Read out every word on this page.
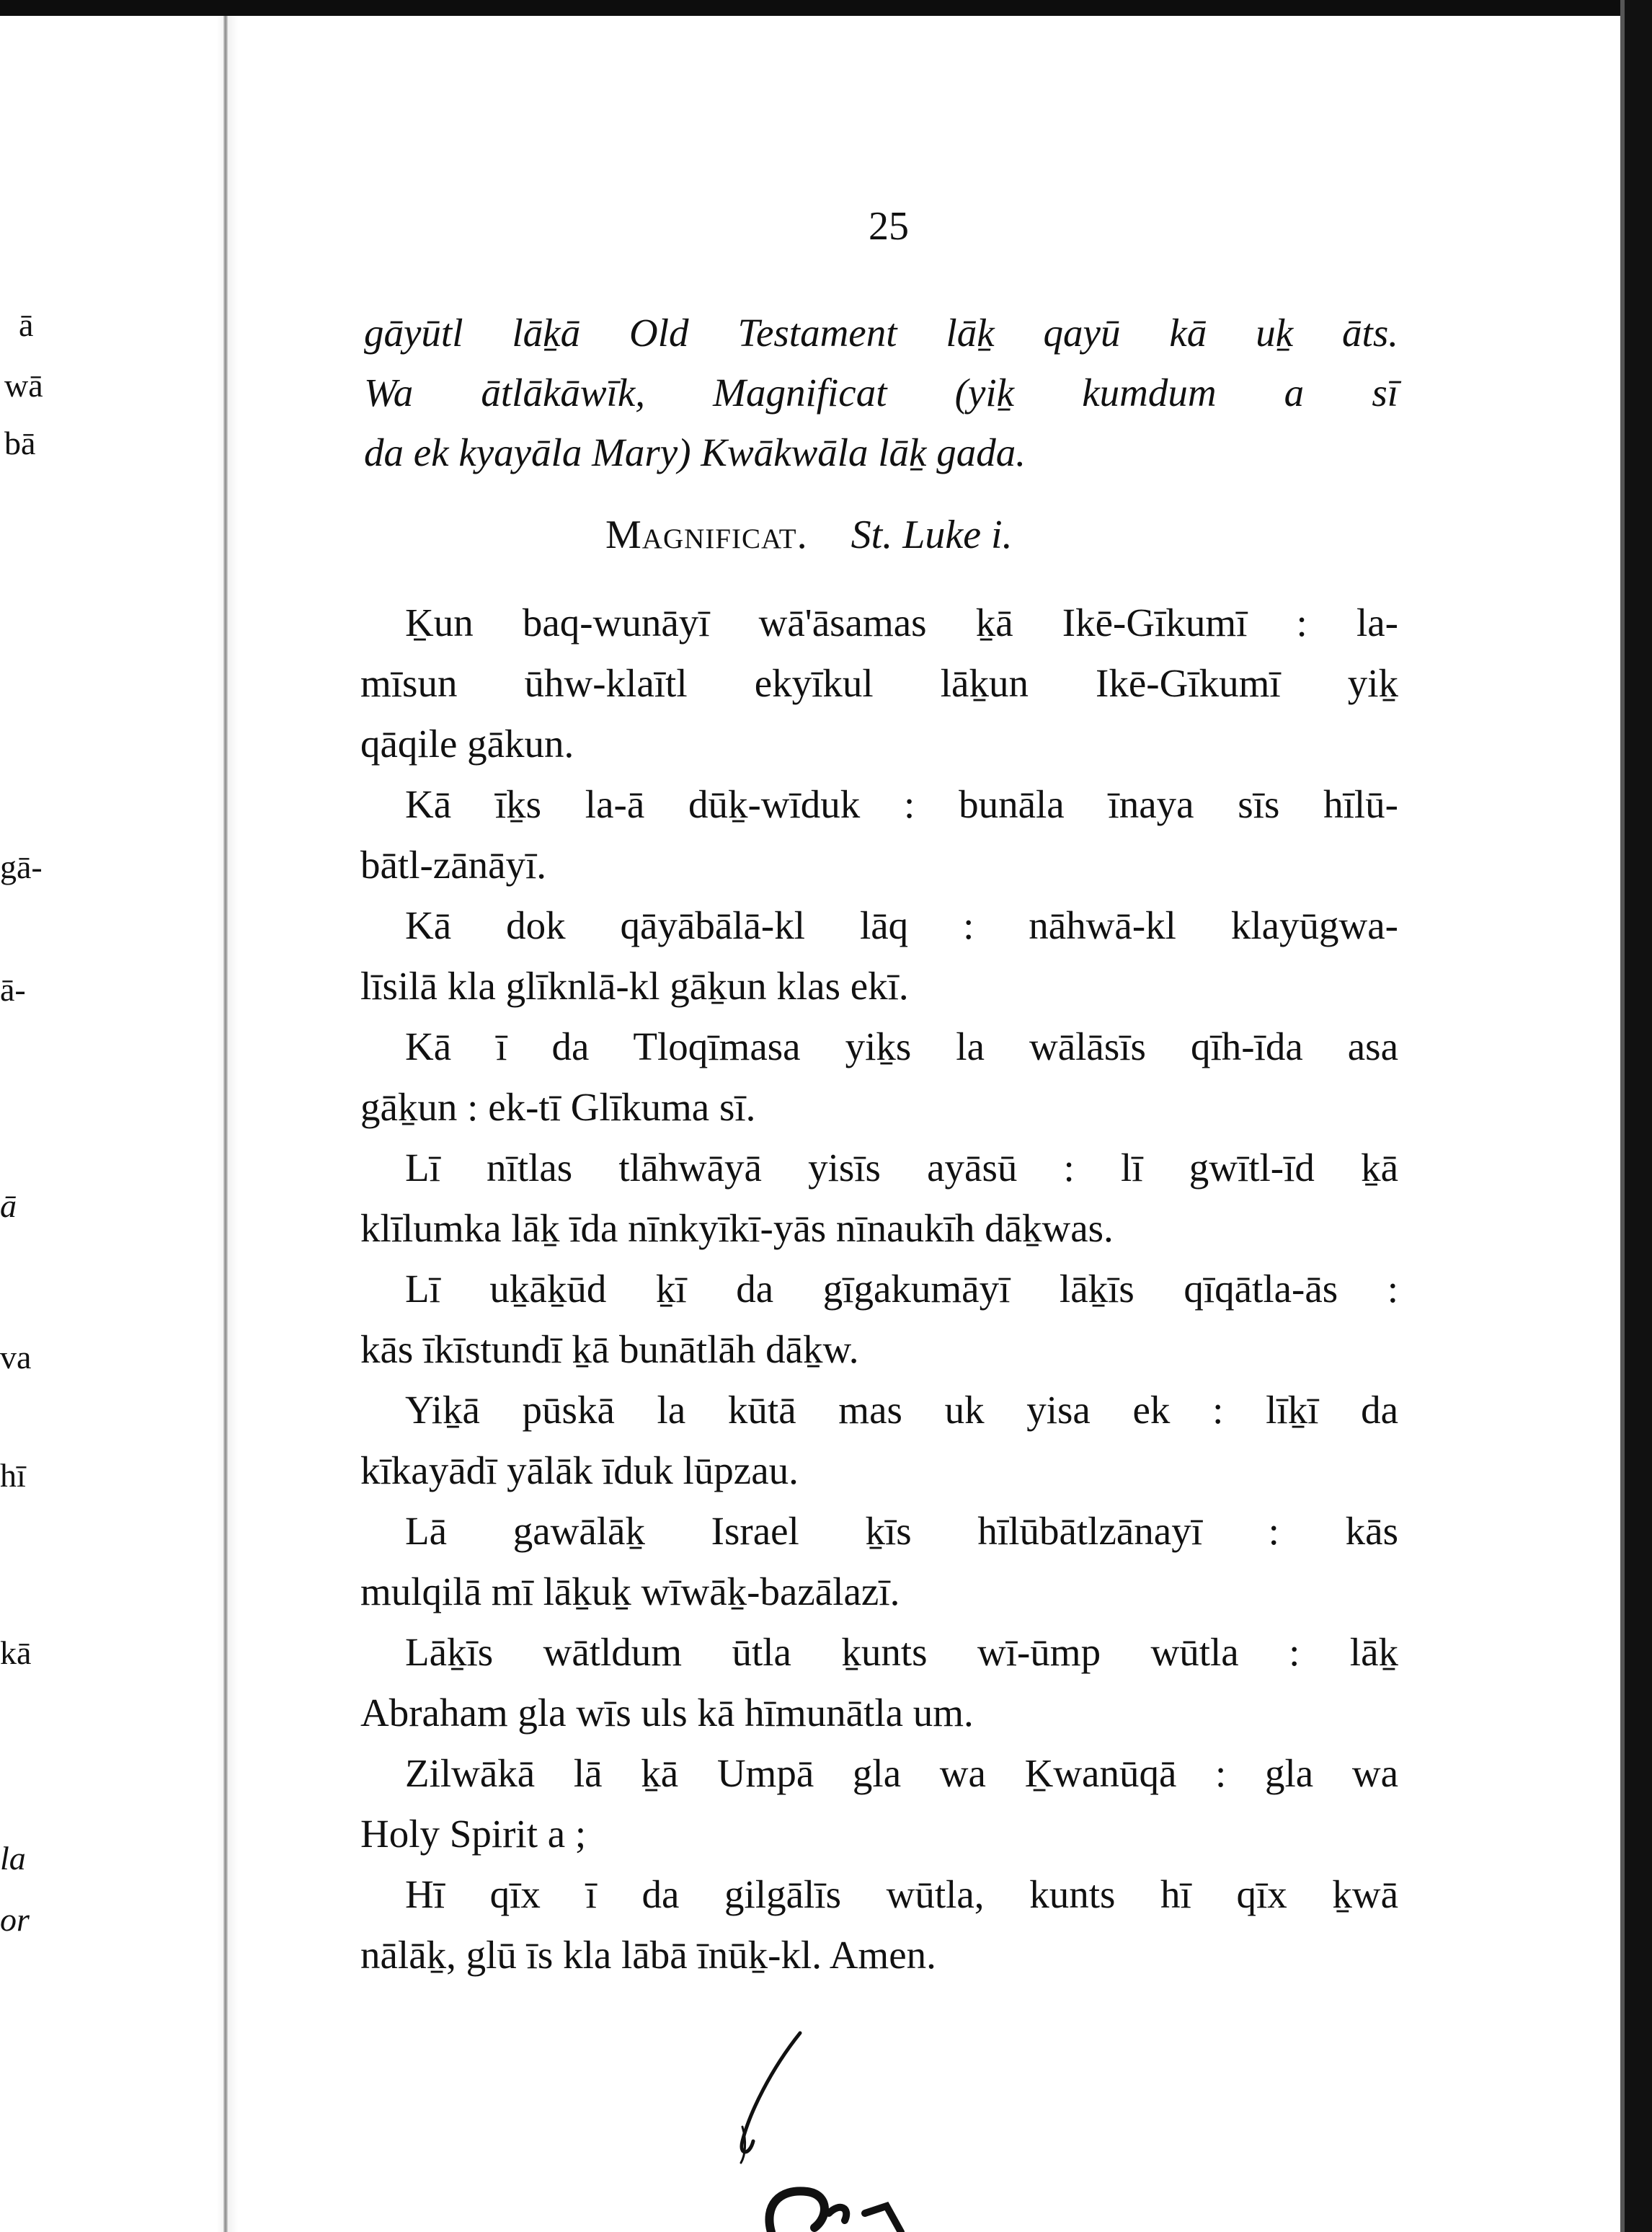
ā
wā
bā
gā-
ā-
ā
va
hī
kā
la
or
25
gāyūtl lāḵā Old Testament lāḵ qayū kā uḵ āts.
Wa ātlākāwīk, Magnificat (yiḵ kumdum a sī
da ek kyayāla Mary) Kwākwāla lāḵ gada.
Magnificat. St. Luke i.
Ḵun baq-wunāyī wā'āsamas ḵā Ikē-Gīkumī : la-
mīsun ūhw-klaītl ekyīkul lāḵun Ikē-Gīkumī yiḵ
qāqile gākun.
Kā īḵs la-ā dūḵ-wīduk : bunāla īnaya sīs hīlū-
bātl-zānāyī.
Kā dok qāyābālā-kl lāq : nāhwā-kl klayūgwa-
līsilā kla glīknlā-kl gāḵun klas ekī.
Kā ī da Tloqīmasa yiḵs la wālāsīs qīh-īda asa
gāḵun : ek-tī Glīkuma sī.
Lī nītlas tlāhwāyā yisīs ayāsū : lī gwītl-īd ḵā
klīlumka lāḵ īda nīnkyīkī-yās nīnaukīh dāḵwas.
Lī uḵāḵūd ḵī da gīgakumāyī lāḵīs qīqātla-ās :
kās īkīstundī ḵā bunātlāh dāḵw.
Yiḵā pūskā la kūtā mas uk yisa ek : līḵī da
kīkayādī yālāk īduk lūpzau.
Lā gawālāḵ Israel ḵīs hīlūbātlzānayī : kās
mulqilā mī lāḵuḵ wīwāḵ-bazālazī.
Lāḵīs wātldum ūtla ḵunts wī-ūmp wūtla : lāḵ
Abraham gla wīs uls kā hīmunātla um.
Zilwākā lā ḵā Umpā gla wa Ḵwanūqā : gla wa
Holy Spirit a ;
Hī qīx ī da gilgālīs wūtla, kunts hī qīx ḵwā
nālāḵ, glū īs kla lābā īnūḵ-kl. Amen.
